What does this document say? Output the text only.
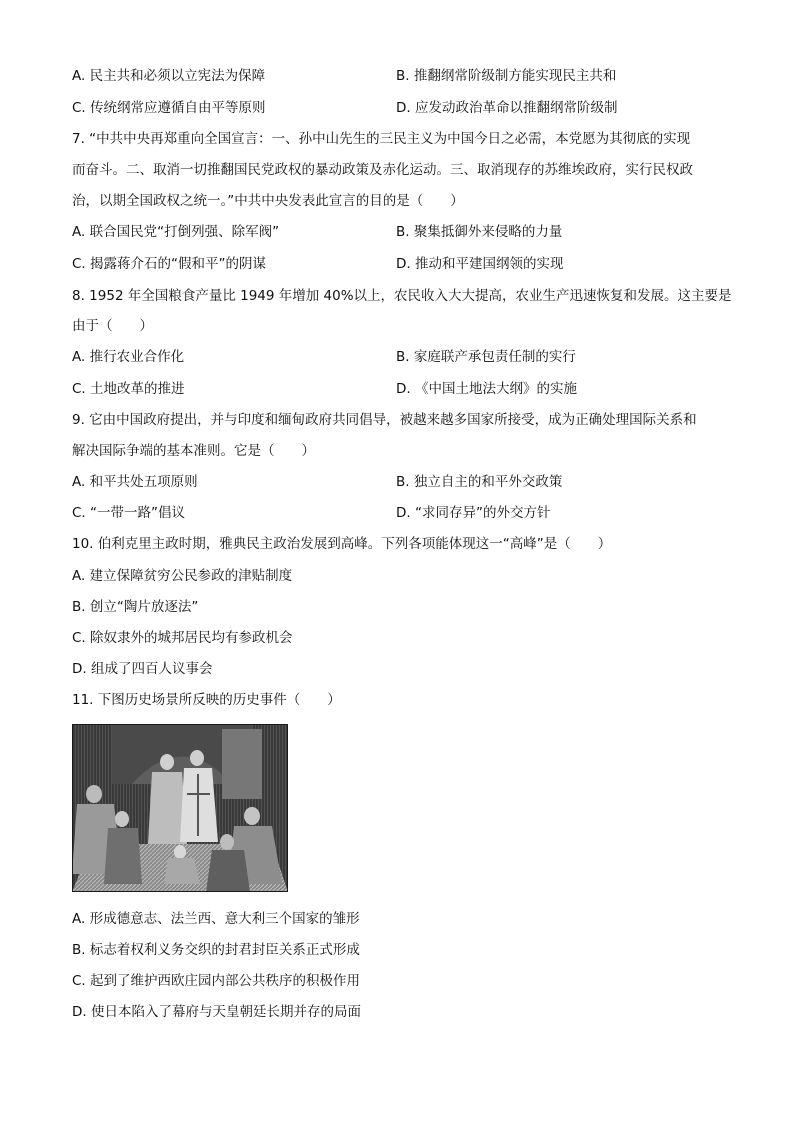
A. 民主共和必须以立宪法为保障	B. 推翻纲常阶级制方能实现民主共和
C. 传统纲常应遵循自由平等原则	D. 应发动政治革命以推翻纲常阶级制
7. “中共中央再郑重向全国宣言：一、孙中山先生的三民主义为中国今日之必需，本党愿为其彻底的实现
而奋斗。二、取消一切推翻国民党政权的暴动政策及赤化运动。三、取消现存的苏维埃政府，实行民权政
治，以期全国政权之统一。”中共中央发表此宣言的目的是（　　）
A. 联合国民党“打倒列强、除军阀”	B. 聚集抵御外来侵略的力量
C. 揭露蒋介石的“假和平”的阴谋	D. 推动和平建国纲领的实现
8. 1952 年全国粮食产量比 1949 年增加 40%以上，农民收入大大提高，农业生产迅速恢复和发展。这主要是
由于（　　）
A. 推行农业合作化	B. 家庭联产承包责任制的实行
C. 土地改革的推进	D. 《中国土地法大纲》的实施
9. 它由中国政府提出，并与印度和缅甸政府共同倡导，被越来越多国家所接受，成为正确处理国际关系和
解决国际争端的基本准则。它是（　　）
A. 和平共处五项原则	B. 独立自主的和平外交政策
C. “一带一路”倡议	D. “求同存异”的外交方针
10. 伯利克里主政时期，雅典民主政治发展到高峰。下列各项能体现这一“高峰”是（　　）
A. 建立保障贫穷公民参政的津贴制度
B. 创立“陶片放逐法”
C. 除奴隶外的城邦居民均有参政机会
D. 组成了四百人议事会
11. 下图历史场景所反映的历史事件（　　）
A. 形成德意志、法兰西、意大利三个国家的雏形
B. 标志着权利义务交织的封君封臣关系正式形成
C. 起到了维护西欧庄园内部公共秩序的积极作用
D. 使日本陷入了幕府与天皇朝廷长期并存的局面
